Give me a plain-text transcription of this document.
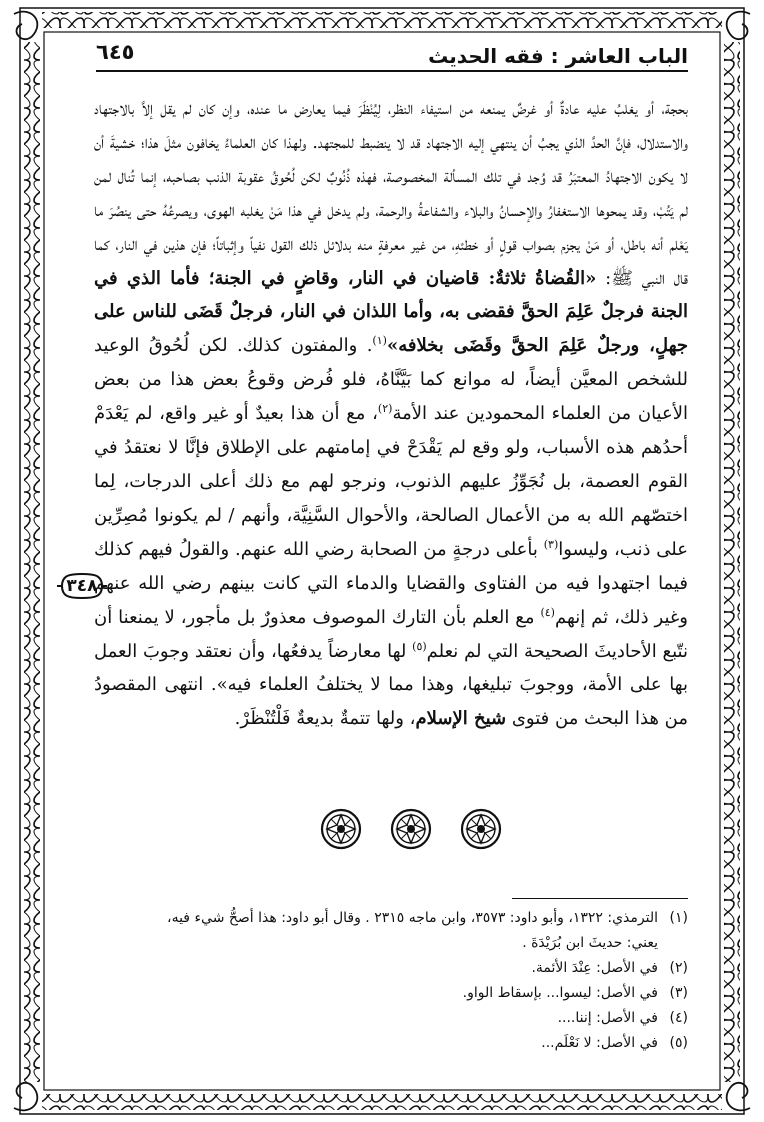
الباب العاشر : فقه الحديث
٦٤٥

بحجة، أو يغلبُ عليه عادةٌ أو غرضٌ يمنعه من استيفاء النظر، لِيُنْظَرَ فيما يعارض ما عنده، وإن كان لم يقل إلاَّ بالاجتهاد والاستدلال، فإنَّ الحدَّ الذي يجبُ أن ينتهي إليه الاجتهاد قد لا ينضبط للمجتهد. ولهذا كان العلماءُ يخافون مثلَ هذا؛ خشيةَ أن لا يكون الاجتهادُ المعتبَرُ قد وُجد في تلك المسألة المخصوصة، فهذه ذُنُوبٌ لكن لُحُوقُ عقوبة الذنب بصاحبه، إنما تُنال لمن لم يَتُبْ، وقد يمحوها الاستغفارُ والإحسانُ والبلاء والشفاعةُ والرحمة، ولم يدخل في هذا مَنْ يغلبه الهوى، ويصرعُهُ حتى ينصُرَ ما يَعْلم أنه باطل، أو مَنْ يجزم بصواب قولٍ أو خطئهِ، من غير معرفةٍ منه بدلائل ذلك القول نفياً وإثباتاً؛ فإن هذين في النار، كما قال النبي ﷺ: «القُضاةُ ثلاثةٌ: قاضيان في النار، وقاضٍ في الجنة؛ فأما الذي في الجنة فرجلٌ عَلِمَ الحقَّ فقضى به، وأما اللذان في النار، فرجلٌ قَضَى للناس على جهلٍ، ورجلٌ عَلِمَ الحقَّ وقَضَى بخلافه»$^{(١)}$. والمفتون كذلك. لكن لُحُوقُ الوعيد للشخص المعيَّن أيضاً، له موانع كما بَيَّنَّاهُ، فلو فُرض وقوعُ بعض هذا من بعض الأعيان من العلماء المحمودين عند الأمة$^{(٢)}$، مع أن هذا بعيدٌ أو غير واقع، لم يَعْدَمْ أحدُهم هذه الأسباب، ولو وقع لم يَقْدَحْ في إمامتهم على الإطلاق فإنَّا لا نعتقدُ في القوم العصمة، بل نُجَوِّزُ عليهم الذنوب، ونرجو لهم مع ذلك أعلى الدرجات، لِما اختصّهم الله به من الأعمال الصالحة، والأحوال السَّنِيَّة، وأنهم / لم يكونوا مُصِرِّين على ذنب، وليسوا$^{(٣)}$ بأعلى درجةٍ من الصحابة رضي الله عنهم. والقولُ فيهم كذلك فيما اجتهدوا فيه من الفتاوى والقضايا والدماء التي كانت بينهم رضي الله عنهم وغير ذلك، ثم إنهم$^{(٤)}$ مع العلم بأن التارك الموصوف معذورٌ بل مأجور، لا يمنعنا أن نتّبع الأحاديثَ الصحيحة التي لم نعلم$^{(٥)}$ لها معارضاً يدفعُها، وأن نعتقد وجوبَ العمل بها على الأمة، ووجوبَ تبليغها، وهذا مما لا يختلفُ العلماء فيه». انتهى المقصودُ من هذا البحث من فتوى شيخ الإسلام، ولها تتمةٌ بديعةٌ فَلْتُنْظَرْ.

٣٤٨
(١)
الترمذي: ١٣٢٢، وأبو داود: ٣٥٧٣، وابن ماجه ٢٣١٥ . وقال أبو داود: هذا أصحُّ شيء فيه،
يعني: حديثَ ابن بُرَيْدَةَ .
(٢)
في الأصل: عِنْدَ الأئمة.
(٣)
في الأصل: ليسوا... بإسقاط الواو.
(٤)
في الأصل: إننا....
(٥)
في الأصل: لا نَعْلَم...
